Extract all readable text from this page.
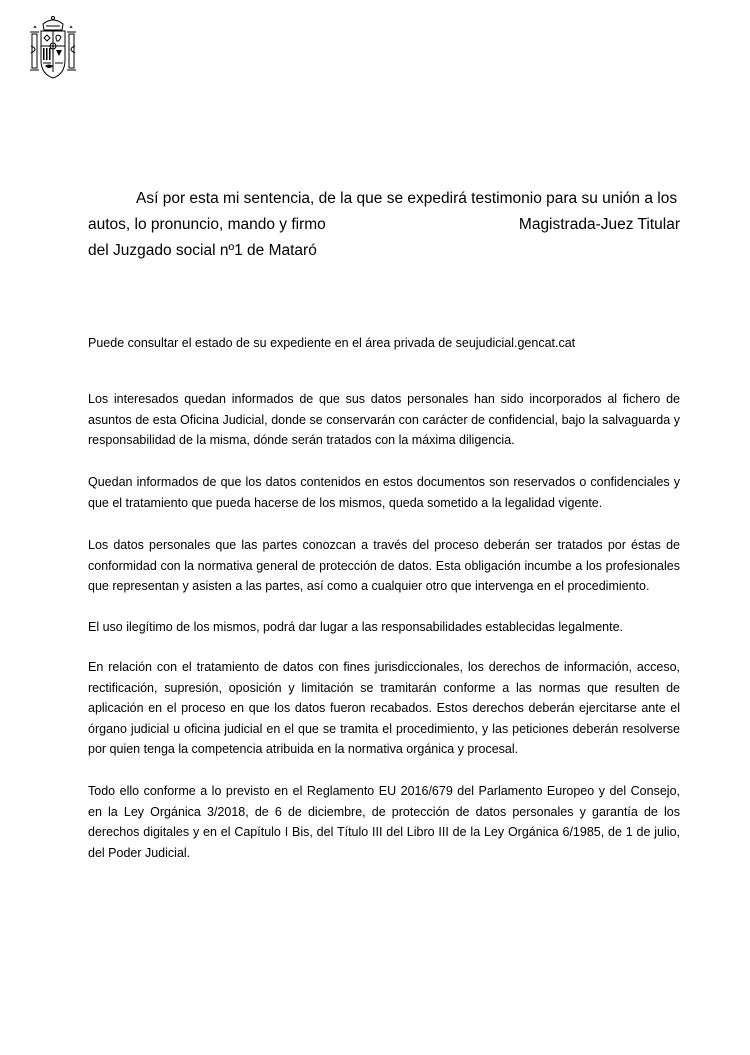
Así por esta mi sentencia, de la que se expedirá testimonio para su unión a los
autos, lo pronuncio, mando y firmo	Magistrada-Juez Titular
del Juzgado social nº1 de Mataró

Puede consultar el estado de su expediente en el área privada de seujudicial.gencat.cat

Los interesados quedan informados de que sus datos personales han sido incorporados al fichero de asuntos de esta Oficina Judicial, donde se conservarán con carácter de confidencial, bajo la salvaguarda y responsabilidad de la misma, dónde serán tratados con la máxima diligencia.

Quedan informados de que los datos contenidos en estos documentos son reservados o confidenciales y que el tratamiento que pueda hacerse de los mismos, queda sometido a la legalidad vigente.

Los datos personales que las partes conozcan a través del proceso deberán ser tratados por éstas de conformidad con la normativa general de protección de datos. Esta obligación incumbe a los profesionales que representan y asisten a las partes, así como a cualquier otro que intervenga en el procedimiento.

El uso ilegítimo de los mismos, podrá dar lugar a las responsabilidades establecidas legalmente.

En relación con el tratamiento de datos con fines jurisdiccionales, los derechos de información, acceso, rectificación, supresión, oposición y limitación se tramitarán conforme a las normas que resulten de aplicación en el proceso en que los datos fueron recabados. Estos derechos deberán ejercitarse ante el órgano judicial u oficina judicial en el que se tramita el procedimiento, y las peticiones deberán resolverse por quien tenga la competencia atribuida en la normativa orgánica y procesal.

Todo ello conforme a lo previsto en el Reglamento EU 2016/679 del Parlamento Europeo y del Consejo, en la Ley Orgánica 3/2018, de 6 de diciembre, de protección de datos personales y garantía de los derechos digitales y en el Capítulo I Bis, del Título III del Libro III de la Ley Orgánica 6/1985, de 1 de julio, del Poder Judicial.
